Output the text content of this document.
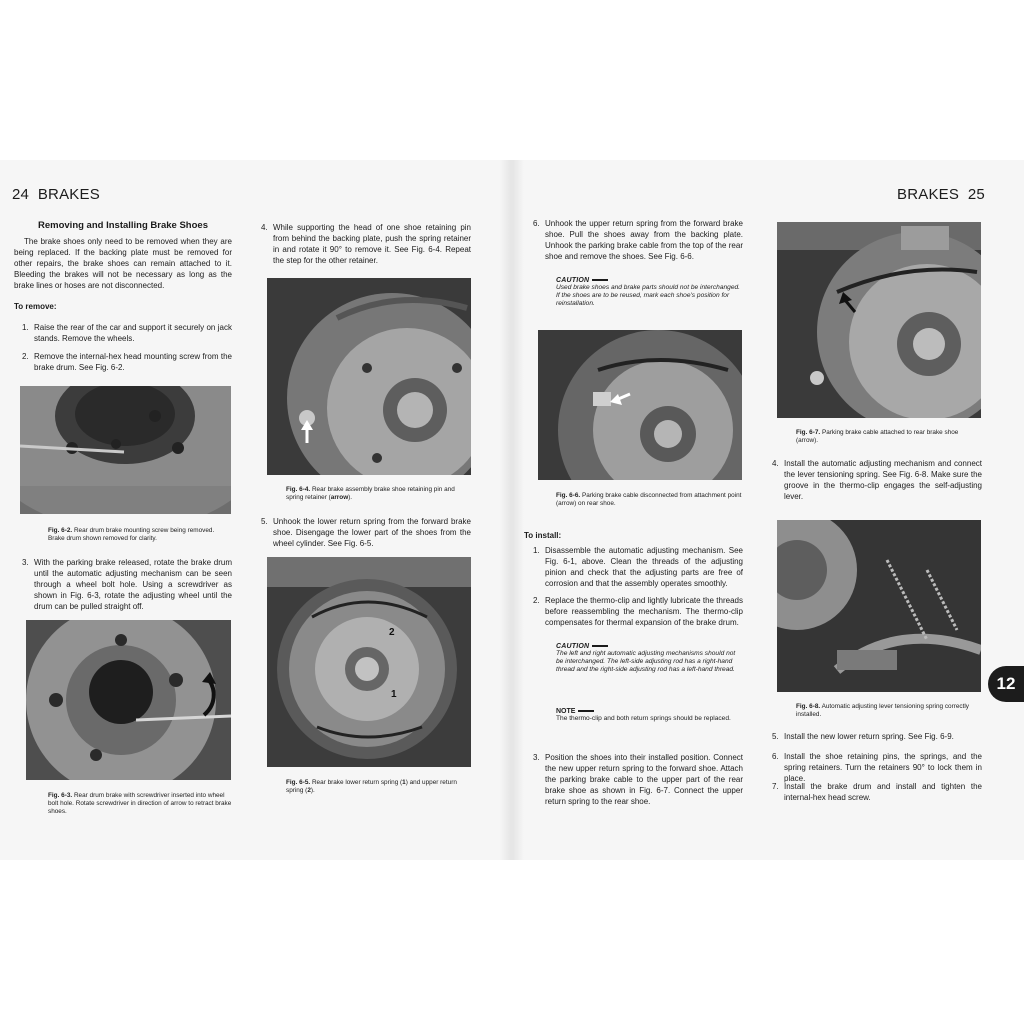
24 BRAKES	BRAKES 25

Removing and Installing Brake Shoes

The brake shoes only need to be removed when they are being replaced. If the backing plate must be removed for other repairs, the brake shoes can remain attached to it. Bleeding the brakes will not be necessary as long as the brake lines or hoses are not disconnected.

To remove:

1. Raise the rear of the car and support it securely on jack stands. Remove the wheels.
2. Remove the internal-hex head mounting screw from the brake drum. See Fig. 6-2.

Fig. 6-2. Rear drum brake mounting screw being removed. Brake drum shown removed for clarity.

3. With the parking brake released, rotate the brake drum until the automatic adjusting mechanism can be seen through a wheel bolt hole. Using a screwdriver as shown in Fig. 6-3, rotate the adjusting wheel until the drum can be pulled straight off.

Fig. 6-3. Rear drum brake with screwdriver inserted into wheel bolt hole. Rotate screwdriver in direction of arrow to retract brake shoes.

4. While supporting the head of one shoe retaining pin from behind the backing plate, push the spring retainer in and rotate it 90° to remove it. See Fig. 6-4. Repeat the step for the other retainer.

Fig. 6-4. Rear brake assembly brake shoe retaining pin and spring retainer (arrow).

5. Unhook the lower return spring from the forward brake shoe. Disengage the lower part of the shoes from the wheel cylinder. See Fig. 6-5.
2
1

Fig. 6-5. Rear brake lower return spring (1) and upper return spring (2).

6. Unhook the upper return spring from the forward brake shoe. Pull the shoes away from the backing plate. Unhook the parking brake cable from the top of the rear shoe and remove the shoes. See Fig. 6-6.
CAUTION

Used brake shoes and brake parts should not be interchanged. If the shoes are to be reused, mark each shoe's position for reinstallation.

Fig. 6-6. Parking brake cable disconnected from attachment point (arrow) on rear shoe.

To install:

1. Disassemble the automatic adjusting mechanism. See Fig. 6-1, above. Clean the threads of the adjusting pinion and check that the adjusting parts are free of corrosion and that the assembly operates smoothly.
2. Replace the thermo-clip and lightly lubricate the threads before reassembling the mechanism. The thermo-clip compensates for thermal expansion of the brake drum.
CAUTION

The left and right automatic adjusting mechanisms should not be interchanged. The left-side adjusting rod has a right-hand thread and the right-side adjusting rod has a left-hand thread.

NOTE

The thermo-clip and both return springs should be replaced.

3. Position the shoes into their installed position. Connect the new upper return spring to the forward shoe. Attach the parking brake cable to the upper part of the rear brake shoe as shown in Fig. 6-7. Connect the upper return spring to the rear shoe.

Fig. 6-7. Parking brake cable attached to rear brake shoe (arrow).

4. Install the automatic adjusting mechanism and connect the lever tensioning spring. See Fig. 6-8. Make sure the groove in the thermo-clip engages the self-adjusting lever.

Fig. 6-8. Automatic adjusting lever tensioning spring correctly installed.

5. Install the new lower return spring. See Fig. 6-9.
6. Install the shoe retaining pins, the springs, and the spring retainers. Turn the retainers 90° to lock them in place.
7. Install the brake drum and install and tighten the internal-hex head screw.
12
